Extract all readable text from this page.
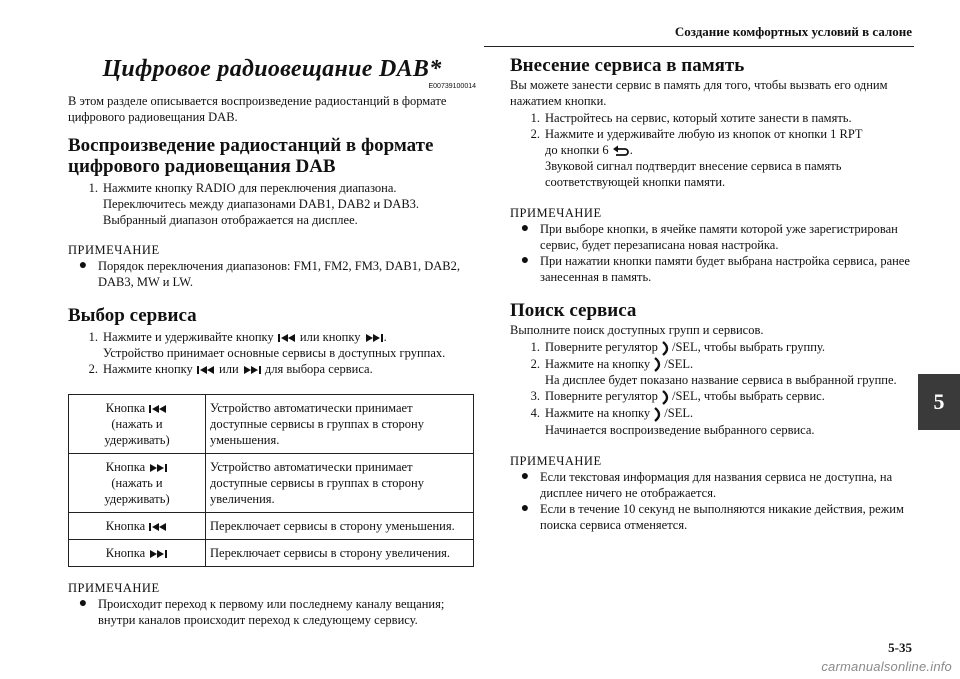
Создание комфортных условий в салоне
Цифровое радиовещание DAB*
E00739100014

В этом разделе описывается воспроизведение радиостанций в формате цифрового радиовещания DAB.

Воспроизведение радиостанций в формате
цифрового радиовещания DAB
1. Нажмите кнопку RADIO для переключения диапазона.
Переключитесь между диапазонами DAB1, DAB2 и DAB3.
Выбранный диапазон отображается на дисплее.
ПРИМЕЧАНИЕ
● Порядок переключения диапазонов: FM1, FM2, FM3, DAB1, DAB2, DAB3, MW и LW.
Выбор сервиса
1. Нажмите и удерживайте кнопку или кнопку .
Устройство принимает основные сервисы в доступных группах.
2. Нажмите кнопку или для выбора сервиса.
Кнопка
(нажать и
удерживать)	Устройство автоматически принимает доступные сервисы в группах в сторону уменьшения.
Кнопка
(нажать и
удерживать)	Устройство автоматически принимает доступные сервисы в группах в сторону увеличения.
Кнопка	Переключает сервисы в сторону уменьшения.
Кнопка	Переключает сервисы в сторону увеличения.
ПРИМЕЧАНИЕ
● Происходит переход к первому или последнему каналу вещания; внутри каналов происходит переход к следующему сервису.
Внесение сервиса в память

Вы можете занести сервис в память для того, чтобы вызвать его одним нажатием кнопки.

1. Настройтесь на сервис, который хотите занести в память.
2. Нажмите и удерживайте любую из кнопок от кнопки 1 RPT
до кнопки 6 .
Звуковой сигнал подтвердит внесение сервиса в память соответствующей кнопки памяти.
ПРИМЕЧАНИЕ
● При выборе кнопки, в ячейке памяти которой уже зарегистрирован сервис, будет перезаписана новая настройка.
● При нажатии кнопки памяти будет выбрана настройка сервиса, ранее занесенная в память.
Поиск сервиса

Выполните поиск доступных групп и сервисов.

1. Поверните регулятор /SEL, чтобы выбрать группу.
2. Нажмите на кнопку /SEL.
На дисплее будет показано название сервиса в выбранной группе.
3. Поверните регулятор /SEL, чтобы выбрать сервис.
4. Нажмите на кнопку /SEL.
Начинается воспроизведение выбранного сервиса.
ПРИМЕЧАНИЕ
● Если текстовая информация для названия сервиса не доступна, на дисплее ничего не отображается.
● Если в течение 10 секунд не выполняются никакие действия, режим поиска сервиса отменяется.
5
5-35
carmanualsonline.info
